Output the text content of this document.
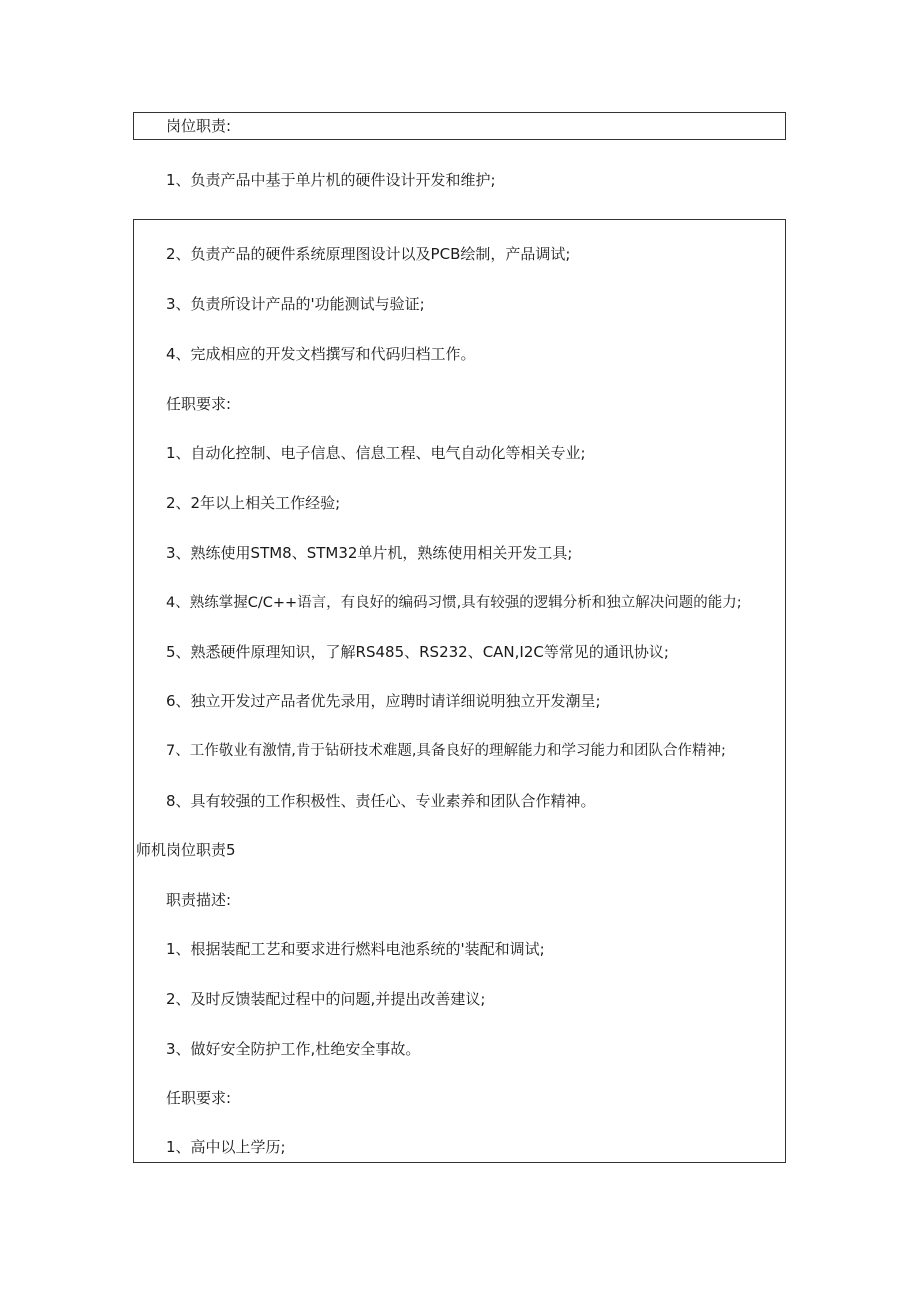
岗位职责:
1、负责产品中基于单片机的硬件设计开发和维护;
2、负责产品的硬件系统原理图设计以及PCB绘制，产品调试;
3、负责所设计产品的'功能测试与验证;
4、完成相应的开发文档撰写和代码归档工作。
任职要求:
1、自动化控制、电子信息、信息工程、电气自动化等相关专业;
2、2年以上相关工作经验;
3、熟练使用STM8、STM32单片机，熟练使用相关开发工具;
4、熟练掌握C/C++语言，有良好的编码习惯,具有较强的逻辑分析和独立解决问题的能力;
5、熟悉硬件原理知识，了解RS485、RS232、CAN,I2C等常见的通讯协议;
6、独立开发过产品者优先录用，应聘时请详细说明独立开发潮呈;
7、工作敬业有激情,肯于钻研技术难题,具备良好的理解能力和学习能力和团队合作精神;
8、具有较强的工作积极性、责任心、专业素养和团队合作精神。
师机岗位职责5
职责描述:
1、根据装配工艺和要求进行燃料电池系统的'装配和调试;
2、及时反馈装配过程中的问题,并提出改善建议;
3、做好安全防护工作,杜绝安全事故。
任职要求:
1、高中以上学历;
